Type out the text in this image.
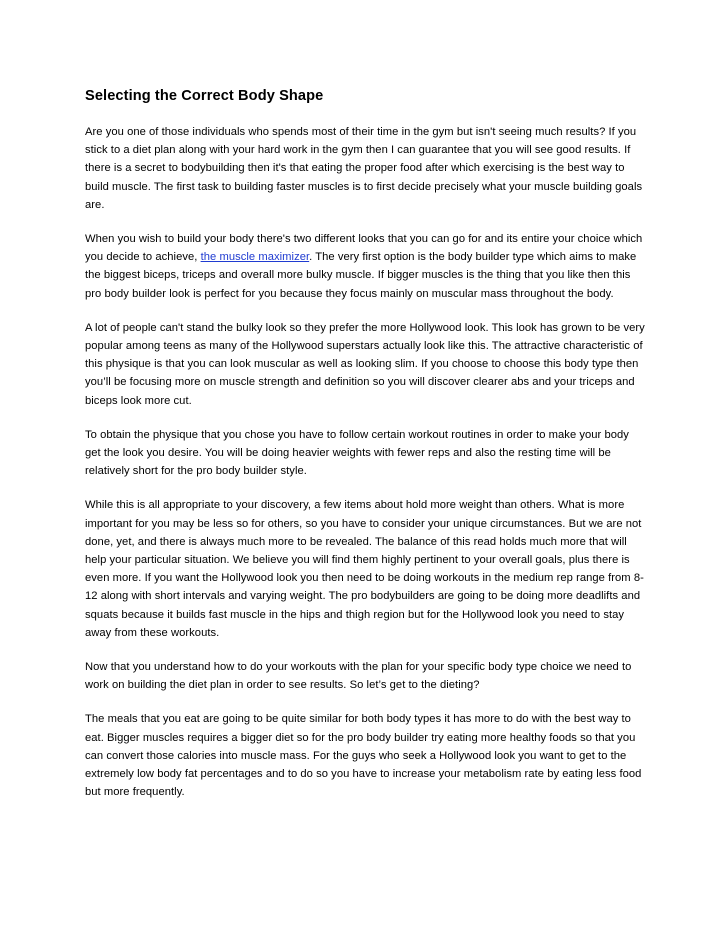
Selecting the Correct Body Shape

Are you one of those individuals who spends most of their time in the gym but isn't seeing much results? If you stick to a diet plan along with your hard work in the gym then I can guarantee that you will see good results. If there is a secret to bodybuilding then it's that eating the proper food after which exercising is the best way to build muscle. The first task to building faster muscles is to first decide precisely what your muscle building goals are.

When you wish to build your body there's two different looks that you can go for and its entire your choice which you decide to achieve, the muscle maximizer. The very first option is the body builder type which aims to make the biggest biceps, triceps and overall more bulky muscle. If bigger muscles is the thing that you like then this pro body builder look is perfect for you because they focus mainly on muscular mass throughout the body.

A lot of people can't stand the bulky look so they prefer the more Hollywood look. This look has grown to be very popular among teens as many of the Hollywood superstars actually look like this. The attractive characteristic of this physique is that you can look muscular as well as looking slim. If you choose to choose this body type then you’ll be focusing more on muscle strength and definition so you will discover clearer abs and your triceps and biceps look more cut.

To obtain the physique that you chose you have to follow certain workout routines in order to make your body get the look you desire. You will be doing heavier weights with fewer reps and also the resting time will be relatively short for the pro body builder style.

While this is all appropriate to your discovery, a few items about hold more weight than others. What is more important for you may be less so for others, so you have to consider your unique circumstances. But we are not done, yet, and there is always much more to be revealed. The balance of this read holds much more that will help your particular situation. We believe you will find them highly pertinent to your overall goals, plus there is even more. If you want the Hollywood look you then need to be doing workouts in the medium rep range from 8-12 along with short intervals and varying weight. The pro bodybuilders are going to be doing more deadlifts and squats because it builds fast muscle in the hips and thigh region but for the Hollywood look you need to stay away from these workouts.

Now that you understand how to do your workouts with the plan for your specific body type choice we need to work on building the diet plan in order to see results. So let’s get to the dieting?

The meals that you eat are going to be quite similar for both body types it has more to do with the best way to eat. Bigger muscles requires a bigger diet so for the pro body builder try eating more healthy foods so that you can convert those calories into muscle mass. For the guys who seek a Hollywood look you want to get to the extremely low body fat percentages and to do so you have to increase your metabolism rate by eating less food but more frequently.
